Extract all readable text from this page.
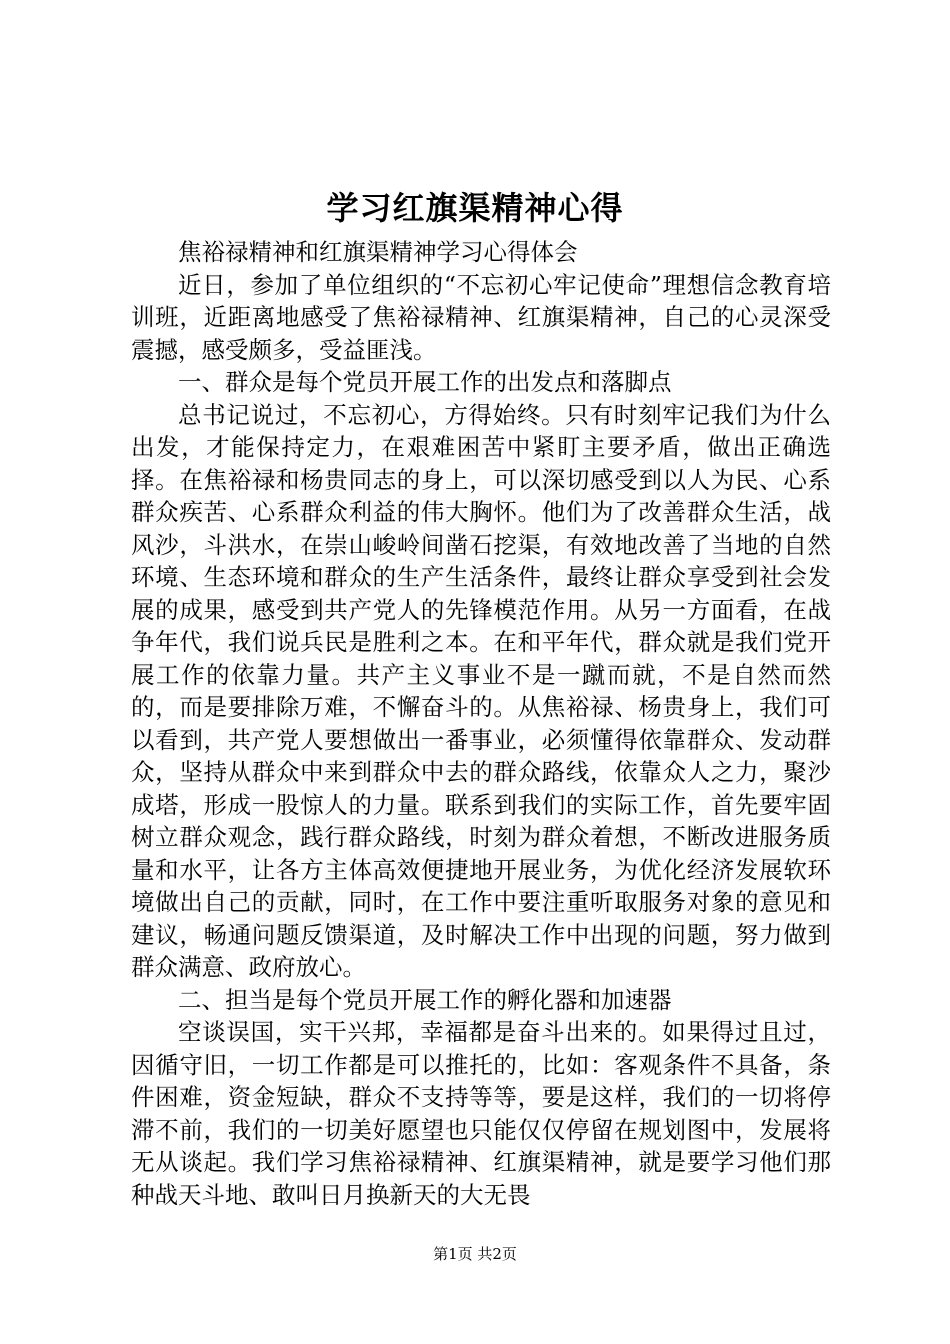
学习红旗渠精神心得

焦裕禄精神和红旗渠精神学习心得体会

近日，参加了单位组织的“不忘初心牢记使命”理想信念教育培训班，近距离地感受了焦裕禄精神、红旗渠精神，自己的心灵深受震撼，感受颇多，受益匪浅。

一、群众是每个党员开展工作的出发点和落脚点

总书记说过，不忘初心，方得始终。只有时刻牢记我们为什么出发，才能保持定力，在艰难困苦中紧盯主要矛盾，做出正确选择。在焦裕禄和杨贵同志的身上，可以深切感受到以人为民、心系群众疾苦、心系群众利益的伟大胸怀。他们为了改善群众生活，战风沙，斗洪水，在崇山峻岭间凿石挖渠，有效地改善了当地的自然环境、生态环境和群众的生产生活条件，最终让群众享受到社会发展的成果，感受到共产党人的先锋模范作用。从另一方面看，在战争年代，我们说兵民是胜利之本。在和平年代，群众就是我们党开展工作的依靠力量。共产主义事业不是一蹴而就，不是自然而然的，而是要排除万难，不懈奋斗的。从焦裕禄、杨贵身上，我们可以看到，共产党人要想做出一番事业，必须懂得依靠群众、发动群众，坚持从群众中来到群众中去的群众路线，依靠众人之力，聚沙成塔，形成一股惊人的力量。联系到我们的实际工作，首先要牢固树立群众观念，践行群众路线，时刻为群众着想，不断改进服务质量和水平，让各方主体高效便捷地开展业务，为优化经济发展软环境做出自己的贡献，同时，在工作中要注重听取服务对象的意见和建议，畅通问题反馈渠道，及时解决工作中出现的问题，努力做到群众满意、政府放心。

二、担当是每个党员开展工作的孵化器和加速器

空谈误国，实干兴邦，幸福都是奋斗出来的。如果得过且过，因循守旧，一切工作都是可以推托的，比如：客观条件不具备，条件困难，资金短缺，群众不支持等等，要是这样，我们的一切将停滞不前，我们的一切美好愿望也只能仅仅停留在规划图中，发展将无从谈起。我们学习焦裕禄精神、红旗渠精神，就是要学习他们那种战天斗地、敢叫日月换新天的大无畏

第1页 共2页
